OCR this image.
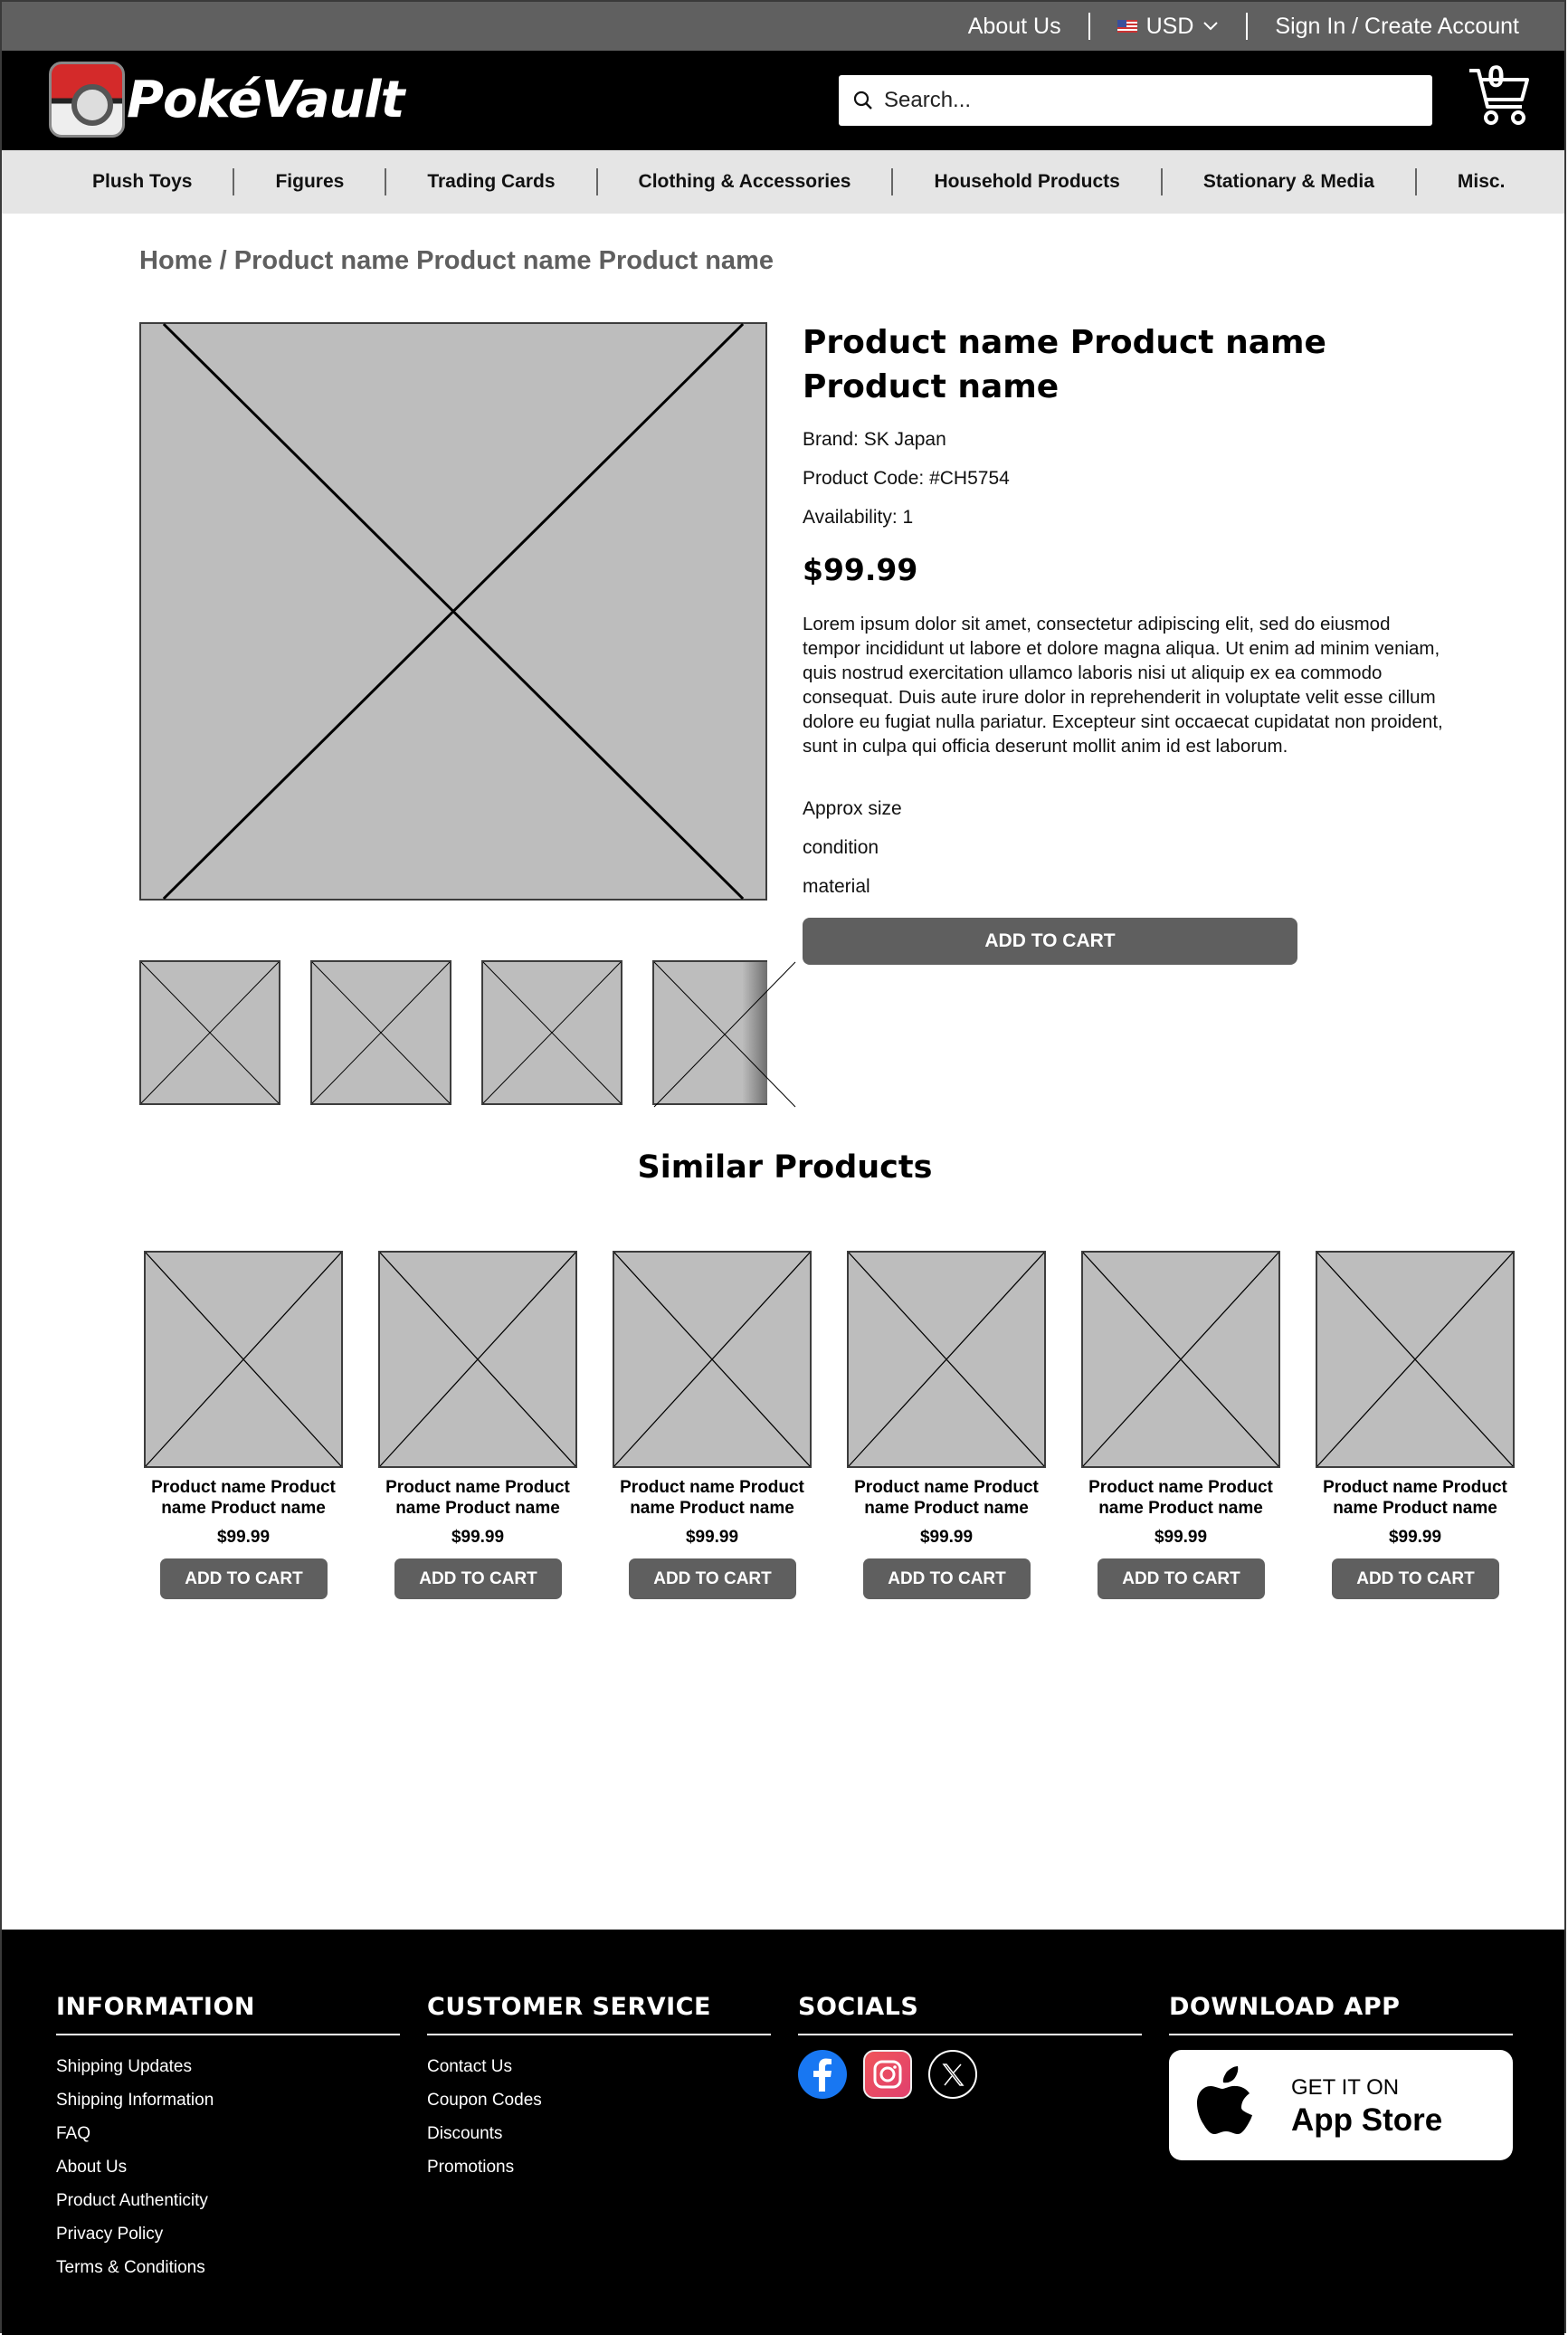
About Us	USD	Sign In / Create Account
PokéVault
Search...	0
Plush Toys	Figures	Trading Cards	Clothing & Accessories	Household Products	Stationary & Media	Misc.
Home / Product name Product name Product name
Product name Product name Product name
Brand: SK Japan
Product Code: #CH5754
Availability: 1
$99.99

Lorem ipsum dolor sit amet, consectetur adipiscing elit, sed do eiusmod tempor incididunt ut labore et dolore magna aliqua. Ut enim ad minim veniam, quis nostrud exercitation ullamco laboris nisi ut aliquip ex ea commodo consequat. Duis aute irure dolor in reprehenderit in voluptate velit esse cillum dolore eu fugiat nulla pariatur. Excepteur sint occaecat cupidatat non proident, sunt in culpa qui officia deserunt mollit anim id est laborum.

Approx size
condition
material
ADD TO CART
Similar Products
Product name Product name Product name
$99.99
ADD TO CART
Product name Product name Product name
$99.99
ADD TO CART
Product name Product name Product name
$99.99
ADD TO CART
Product name Product name Product name
$99.99
ADD TO CART
Product name Product name Product name
$99.99
ADD TO CART
Product name Product name Product name
$99.99
ADD TO CART
INFORMATION
Shipping Updates
Shipping Information
FAQ
About Us
Product Authenticity
Privacy Policy
Terms & Conditions
CUSTOMER SERVICE
Contact Us
Coupon Codes
Discounts
Promotions
SOCIALS	DOWNLOAD APP
GET IT ON
App Store
